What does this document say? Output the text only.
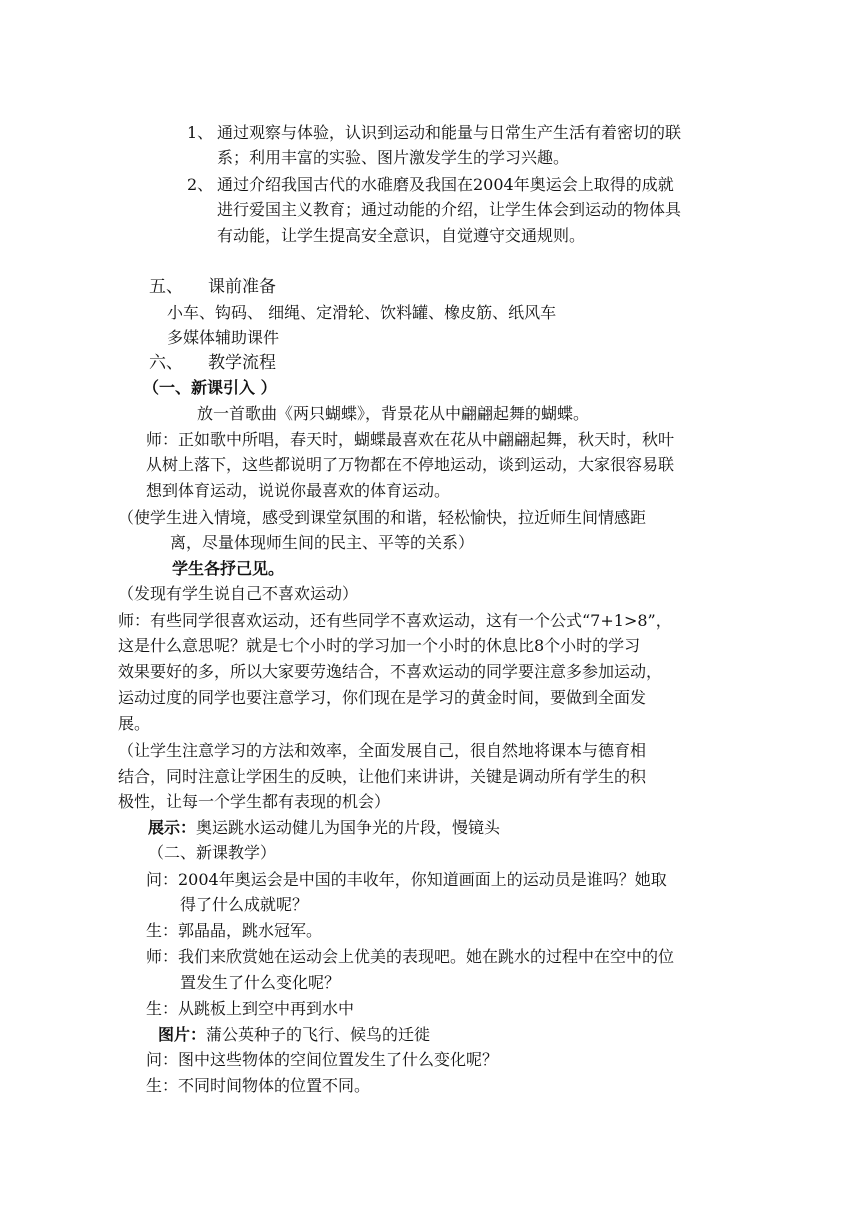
1、 通过观察与体验，认识到运动和能量与日常生产生活有着密切的联
系；利用丰富的实验、图片激发学生的学习兴趣。
2、 通过介绍我国古代的水碓磨及我国在2004年奥运会上取得的成就
进行爱国主义教育；通过动能的介绍，让学生体会到运动的物体具
有动能，让学生提高安全意识，自觉遵守交通规则。
五、 课前准备
小车、钩码、 细绳、定滑轮、饮料罐、橡皮筋、纸风车
多媒体辅助课件
六、 教学流程
（一、新课引入 ）
放一首歌曲《两只蝴蝶》，背景花从中翩翩起舞的蝴蝶。
师：正如歌中所唱，春天时，蝴蝶最喜欢在花从中翩翩起舞，秋天时，秋叶
从树上落下，这些都说明了万物都在不停地运动，谈到运动，大家很容易联
想到体育运动，说说你最喜欢的体育运动。
（使学生进入情境，感受到课堂氛围的和谐，轻松愉快，拉近师生间情感距
离，尽量体现师生间的民主、平等的关系）
学生各抒己见。
（发现有学生说自己不喜欢运动）
师：有些同学很喜欢运动，还有些同学不喜欢运动，这有一个公式“7+1>8”，
这是什么意思呢？就是七个小时的学习加一个小时的休息比8个小时的学习
效果要好的多，所以大家要劳逸结合，不喜欢运动的同学要注意多参加运动，
运动过度的同学也要注意学习，你们现在是学习的黄金时间，要做到全面发
展。
（让学生注意学习的方法和效率，全面发展自己，很自然地将课本与德育相
结合，同时注意让学困生的反映，让他们来讲讲，关键是调动所有学生的积
极性，让每一个学生都有表现的机会）
展示：奥运跳水运动健儿为国争光的片段，慢镜头
（二、新课教学）
问：2004年奥运会是中国的丰收年，你知道画面上的运动员是谁吗？她取
得了什么成就呢？
生：郭晶晶，跳水冠军。
师：我们来欣赏她在运动会上优美的表现吧。她在跳水的过程中在空中的位
置发生了什么变化呢？
生：从跳板上到空中再到水中
图片：蒲公英种子的飞行、候鸟的迁徙
问：图中这些物体的空间位置发生了什么变化呢？
生：不同时间物体的位置不同。
